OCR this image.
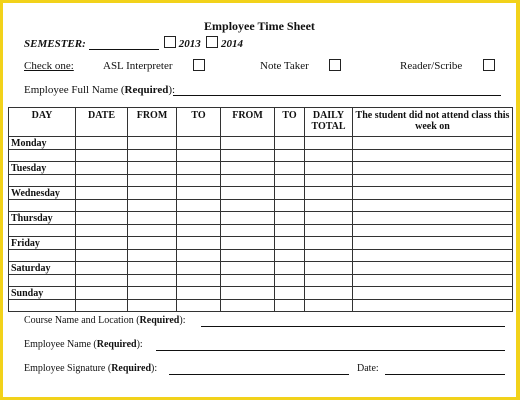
Employee Time Sheet
SEMESTER:	2013 2014
Check one:	ASL Interpreter	Note Taker	Reader/Scribe
Employee Full Name (Required):
DAY	DATE	FROM	TO	FROM	TO	DAILY TOTAL	The student did not attend class this week on
Monday							

Tuesday							

Wednesday							

Thursday							

Friday							

Saturday							

Sunday							

Course Name and Location (Required):
Employee Name (Required):
Employee Signature (Required):	Date:
